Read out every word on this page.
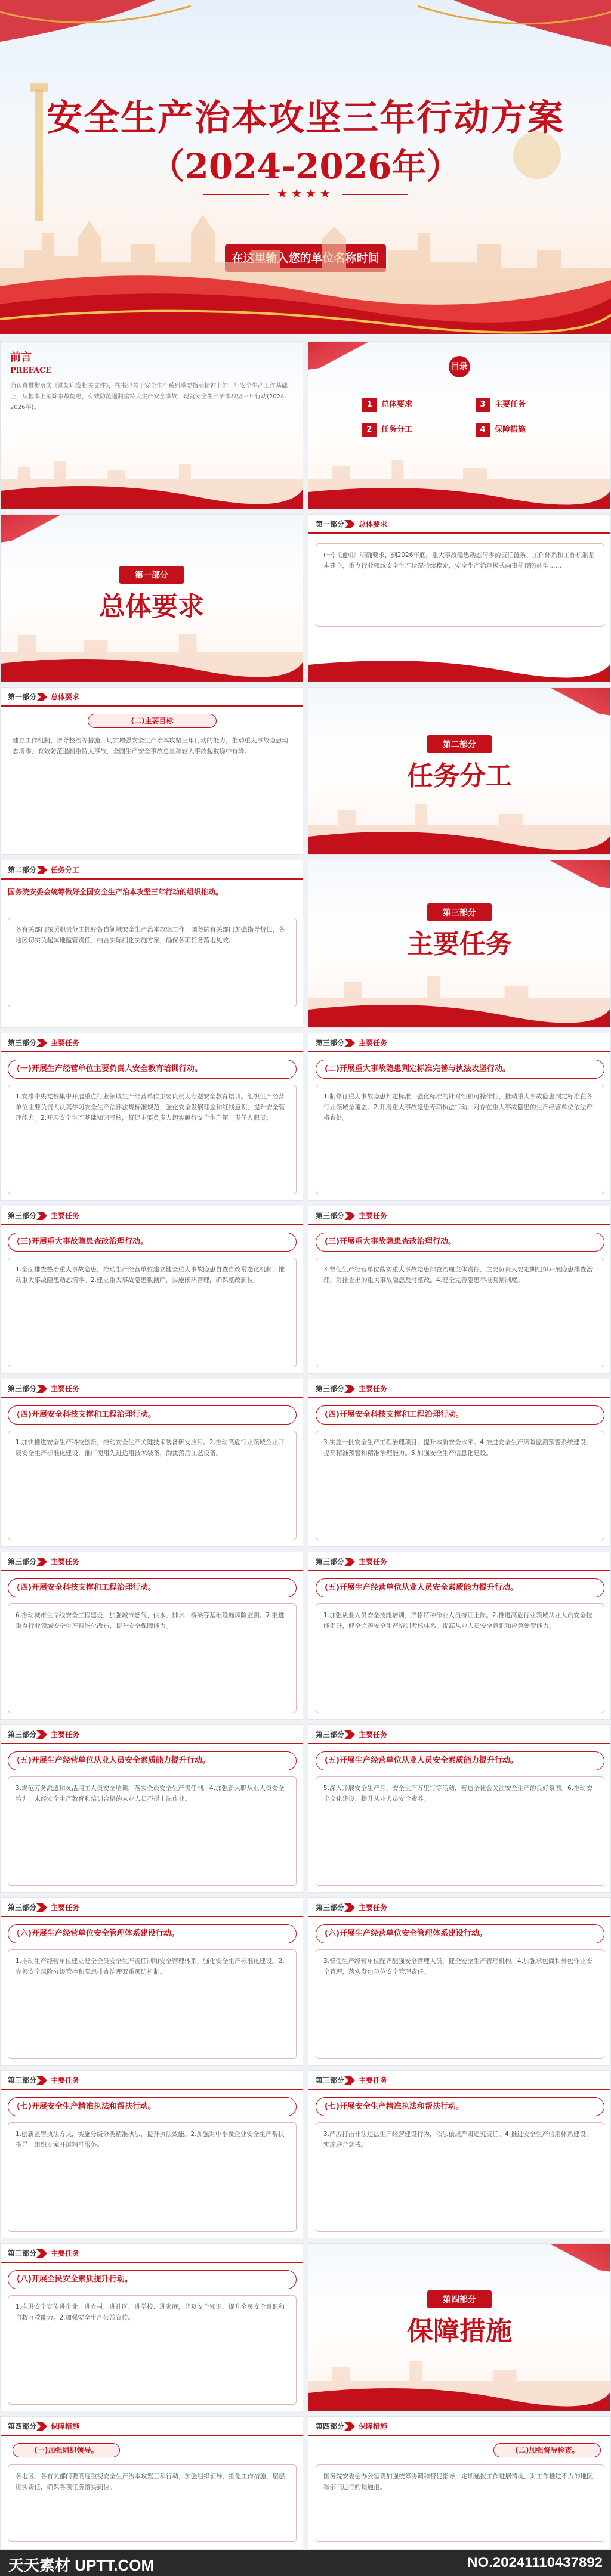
安全生产治本攻坚三年行动方案
（2024-2026年）
★★★★
在这里输入您的单位名称时间
前言
PREFACE
为认真贯彻落实《通知印发相关文件》，在书记关于安全生产系列重要指示精神上的一年安全生产工作基础上，从根本上消除事故隐患，有效防范遏制重特大生产安全事故，现就安全生产治本攻坚三年行动(2024-2026年)。
目录
1	总体要求	3	主要任务
2	任务分工	4	保障措施
第一部分
总体要求
第一部分 总体要求
(一)《通知》明确要求，到2026年底，重大事故隐患动态清零的责任链条、工作体系和工作机制基本建立，重点行业领域安全生产状况持续稳定，安全生产治理模式向事前预防转型……
第一部分 总体要求
(二)主要目标
建立工作机制、督导整治等措施，切实增强安全生产治本攻坚三年行动的能力，推动重大事故隐患动态清零，有效防范遏制重特大事故，全国生产安全事故总量和较大事故起数稳中有降。
第二部分
任务分工
第二部分 任务分工
国务院安委会统筹做好全国安全生产治本攻坚三年行动的组织推动。
各有关部门按照职责分工抓好各自领域安全生产治本攻坚工作，国务院有关部门加强指导督促，各地区切实负起属地监管责任，结合实际细化实施方案，确保各项任务落地见效。
第三部分
主要任务
第三部分 主要任务
(一)开展生产经营单位主要负责人安全教育培训行动。
1.安排中央党校集中开展重点行业领域生产经营单位主要负责人专题安全教育培训。组织生产经营单位主要负责人认真学习安全生产法律法规标准规范，强化安全发展理念和红线意识，提升安全管理能力。2.开展安全生产基础知识考核，督促主要负责人切实履行安全生产第一责任人职责。
第三部分 主要任务
(二)开展重大事故隐患判定标准完善与执法攻坚行动。
1.制修订重大事故隐患判定标准，强化标准的针对性和可操作性，推动重大事故隐患判定标准在各行业领域全覆盖。2.开展重大事故隐患专项执法行动，对存在重大事故隐患的生产经营单位依法严格查处。
第三部分 主要任务
(三)开展重大事故隐患查改治理行动。
1.全面排查整治重大事故隐患，推动生产经营单位建立健全重大事故隐患自查自改常态化机制，推动重大事故隐患动态清零。2.建立重大事故隐患数据库，实施闭环管理，确保整改到位。
第三部分 主要任务
(三)开展重大事故隐患查改治理行动。
3.督促生产经营单位落实重大事故隐患排查治理主体责任，主要负责人要定期组织开展隐患排查治理，对排查出的重大事故隐患及时整改。4.健全完善隐患举报奖励制度。
第三部分 主要任务
(四)开展安全科技支撑和工程治理行动。
1.加快推进安全生产科技创新，推动安全生产关键技术装备研发应用。2.推动高危行业领域企业开展安全生产标准化建设，推广使用先进适用技术装备，淘汰落后工艺设备。
第三部分 主要任务
(四)开展安全科技支撑和工程治理行动。
3.实施一批安全生产工程治理项目，提升本质安全水平。4.推进安全生产风险监测预警系统建设，提高精准预警和精准治理能力。5.加强安全生产信息化建设。
第三部分 主要任务
(四)开展安全科技支撑和工程治理行动。
6.推动城市生命线安全工程建设，加强城市燃气、供水、排水、桥梁等基础设施风险监测。7.推进重点行业领域安全生产智能化改造，提升安全保障能力。
第三部分 主要任务
(五)开展生产经营单位从业人员安全素质能力提升行动。
1.加强从业人员安全技能培训，严格特种作业人员持证上岗。2.推进高危行业领域从业人员安全技能提升，健全完善安全生产培训考核体系，提高从业人员安全意识和应急处置能力。
第三部分 主要任务
(五)开展生产经营单位从业人员安全素质能力提升行动。
3.规范劳务派遣和灵活用工人员安全培训，落实全员安全生产责任制。4.加强新入职从业人员安全培训，未经安全生产教育和培训合格的从业人员不得上岗作业。
第三部分 主要任务
(五)开展生产经营单位从业人员安全素质能力提升行动。
5.深入开展安全生产月、安全生产万里行等活动，营造全社会关注安全生产的良好氛围。6.推动安全文化建设，提升从业人员安全素养。
第三部分 主要任务
(六)开展生产经营单位安全管理体系建设行动。
1.推动生产经营单位建立健全全员安全生产责任制和安全管理体系，强化安全生产标准化建设。2.完善安全风险分级管控和隐患排查治理双重预防机制。
第三部分 主要任务
(六)开展生产经营单位安全管理体系建设行动。
3.督促生产经营单位配齐配强安全管理人员，健全安全生产管理机构。4.加强承包商和外包作业安全管理，落实发包单位安全管理责任。
第三部分 主要任务
(七)开展安全生产精准执法和帮扶行动。
1.创新监管执法方式，实施分级分类精准执法，提升执法效能。2.加强对中小微企业安全生产帮扶指导，组织专家开展精准服务。
第三部分 主要任务
(七)开展安全生产精准执法和帮扶行动。
3.严厉打击非法违法生产经营建设行为，依法依规严肃追究责任。4.推进安全生产信用体系建设，实施联合惩戒。
第三部分 主要任务
(八)开展全民安全素质提升行动。
1.推进安全宣传进企业、进农村、进社区、进学校、进家庭，普及安全知识，提升全民安全意识和自救互救能力。2.加强安全生产公益宣传。
第四部分
保障措施
第四部分 保障措施
(一)加强组织领导。
各地区、各有关部门要高度重视安全生产治本攻坚三年行动，加强组织领导，细化工作措施，层层压实责任，确保各项任务落实到位。
第四部分 保障措施
(二)加强督导检查。
国务院安委会办公室要加强统筹协调和督促指导，定期通报工作进展情况，对工作推进不力的地区和部门进行约谈通报。
天天素材 UPTT.COM	NO.20241110437892
